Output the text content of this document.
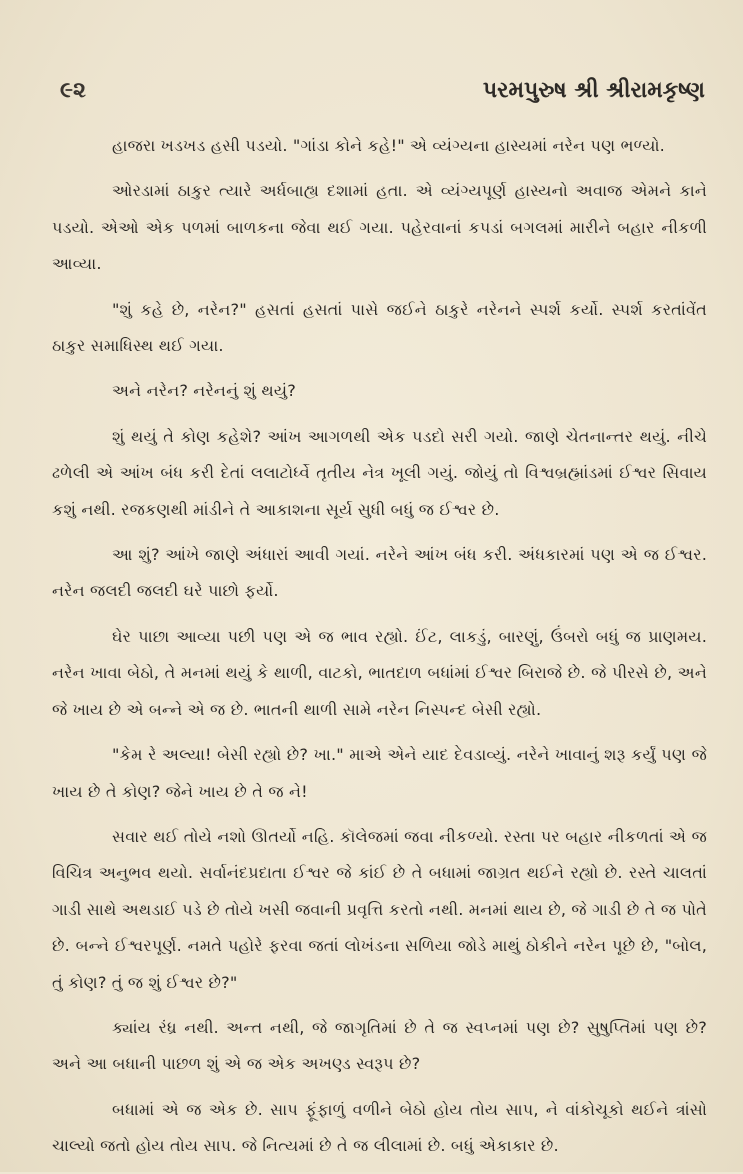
૯૨	પરમપુરુષ શ્રી શ્રીરામકૃષ્ણ

હાજરા ખડખડ હસી પડયો. "ગાંડા કોને કહે!" એ વ્યંગ્યના હાસ્યમાં નરેન પણ ભળ્યો.

ઓરડામાં ઠાકુર ત્યારે અર્ધબાહ્ય દશામાં હતા. એ વ્યંગ્યપૂર્ણ હાસ્યનો અવાજ એમને કાને પડયો. એઓ એક પળમાં બાળકના જેવા થઈ ગયા. પહેરવાનાં કપડાં બગલમાં મારીને બહાર નીકળી આવ્યા.

"શું કહે છે, નરેન?" હસતાં હસતાં પાસે જઈને ઠાકુરે નરેનને સ્પર્શ કર્યો. સ્પર્શ કરતાંવેંત ઠાકુર સમાધિસ્થ થઈ ગયા.

અને નરેન? નરેનનું શું થયું?

શું થયું તે કોણ કહેશે? આંખ આગળથી એક પડદો સરી ગયો. જાણે ચેતનાન્તર થયું. નીચે ઢળેલી એ આંખ બંધ કરી દેતાં લલાટોર્ધ્વે તૃતીય નેત્ર ખૂલી ગયું. જોયું તો વિશ્વબ્રહ્માંડમાં ઈશ્વર સિવાય કશું નથી. રજકણથી માંડીને તે આકાશના સૂર્ય સુધી બધું જ ઈશ્વર છે.

આ શું? આંખે જાણે અંધારાં આવી ગયાં. નરેને આંખ બંધ કરી. અંધકારમાં પણ એ જ ઈશ્વર. નરેન જલદી જલદી ઘરે પાછો ફર્યો.

ઘેર પાછા આવ્યા પછી પણ એ જ ભાવ રહ્યો. ઈંટ, લાકડું, બારણું, ઉંબરો બધું જ પ્રાણમય. નરેન ખાવા બેઠો, તે મનમાં થયું કે થાળી, વાટકો, ભાતદાળ બધાંમાં ઈશ્વર બિરાજે છે. જે પીરસે છે, અને જે ખાય છે એ બન્ને એ જ છે. ભાતની થાળી સામે નરેન નિસ્પન્દ બેસી રહ્યો.

"કેમ રે અલ્યા! બેસી રહ્યો છે? ખા." માએ એને યાદ દેવડાવ્યું. નરેને ખાવાનું શરૂ કર્યું પણ જે ખાય છે તે કોણ? જેને ખાય છે તે જ ને!

સવાર થઈ તોયે નશો ઊતર્યો નહિ. કૉલેજમાં જવા નીકળ્યો. રસ્તા પર બહાર નીકળતાં એ જ વિચિત્ર અનુભવ થયો. સર્વાનંદપ્રદાતા ઈશ્વર જે કાંઈ છે તે બધામાં જાગ્રત થઈને રહ્યો છે. રસ્તે ચાલતાં ગાડી સાથે અથડાઈ પડે છે તોયે ખસી જવાની પ્રવૃત્તિ કરતો નથી. મનમાં થાય છે, જે ગાડી છે તે જ પોતે છે. બન્ને ઈશ્વરપૂર્ણ. નમતે પહોરે ફરવા જતાં લોખંડના સળિયા જોડે માથું ઠોકીને નરેન પૂછે છે, "બોલ, તું કોણ? તું જ શું ઈશ્વર છે?"

ક્યાંય રંધ્ર નથી. અન્ત નથી, જે જાગૃતિમાં છે તે જ સ્વપ્નમાં પણ છે? સુષુપ્તિમાં પણ છે? અને આ બધાની પાછળ શું એ જ એક અખણ્ડ સ્વરૂપ છે?

બધામાં એ જ એક છે. સાપ ફૂંફાળું વળીને બેઠો હોય તોય સાપ, ને વાંકોચૂકો થઈને ત્રાંસો ચાલ્યો જતો હોય તોય સાપ. જે નિત્યમાં છે તે જ લીલામાં છે. બધું એકાકાર છે.
